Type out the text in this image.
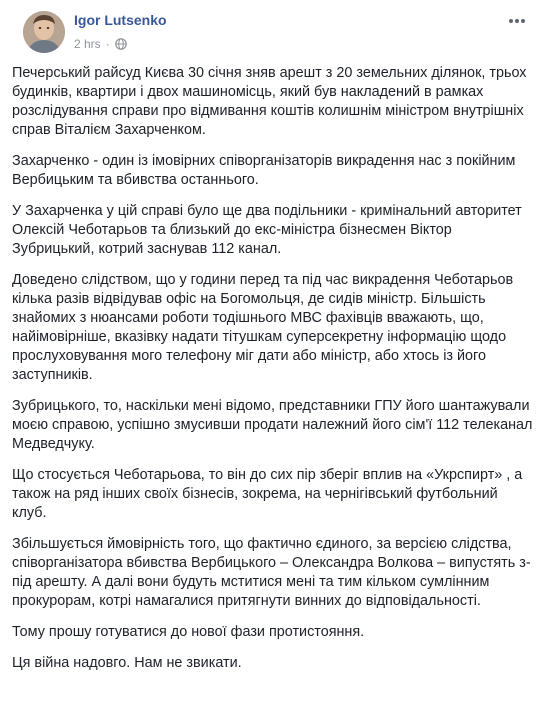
Igor Lutsenko
2 hrs ·

Печерський райсуд Києва 30 січня зняв арешт з 20 земельних ділянок, трьох будинків, квартири і двох машиномісць, який був накладений в рамках розслідування справи про відмивання коштів колишнім міністром внутрішніх справ Віталієм Захарченком.

Захарченко - один із імовірних співорганізаторів викрадення нас з покійним Вербицьким та вбивства останнього.

У Захарченка у цій справі було ще два подільники - кримінальний авторитет Олексій Чеботарьов та близький до екс-міністра бізнесмен Віктор Зубрицький, котрий заснував 112 канал.

Доведено слідством, що у години перед та під час викрадення Чеботарьов кілька разів відвідував офіс на Богомольця, де сидів міністр. Більшість знайомих з нюансами роботи тодішнього МВС фахівців вважають, що, найімовірніше, вказівку надати тітушкам суперсекретну інформацію щодо прослуховування мого телефону міг дати або міністр, або хтось із його заступників.

Зубрицького, то, наскільки мені відомо, представники ГПУ його шантажували моєю справою, успішно змусивши продати належний його сім'ї 112 телеканал Медведчуку.

Що стосується Чеботарьова, то він до сих пір зберіг вплив на «Укрспирт» , а також на ряд інших своїх бізнесів, зокрема, на чернігівський футбольний клуб.

Збільшується ймовірність того, що фактично єдиного, за версією слідства, співорганізатора вбивства Вербицького – Олександра Волкова – випустять з-під арешту. А далі вони будуть мститися мені та тим кільком сумлінним прокурорам, котрі намагалися притягнути винних до відповідальності.

Тому прошу готуватися до нової фази протистояння.

Ця війна надовго. Нам не звикати.
